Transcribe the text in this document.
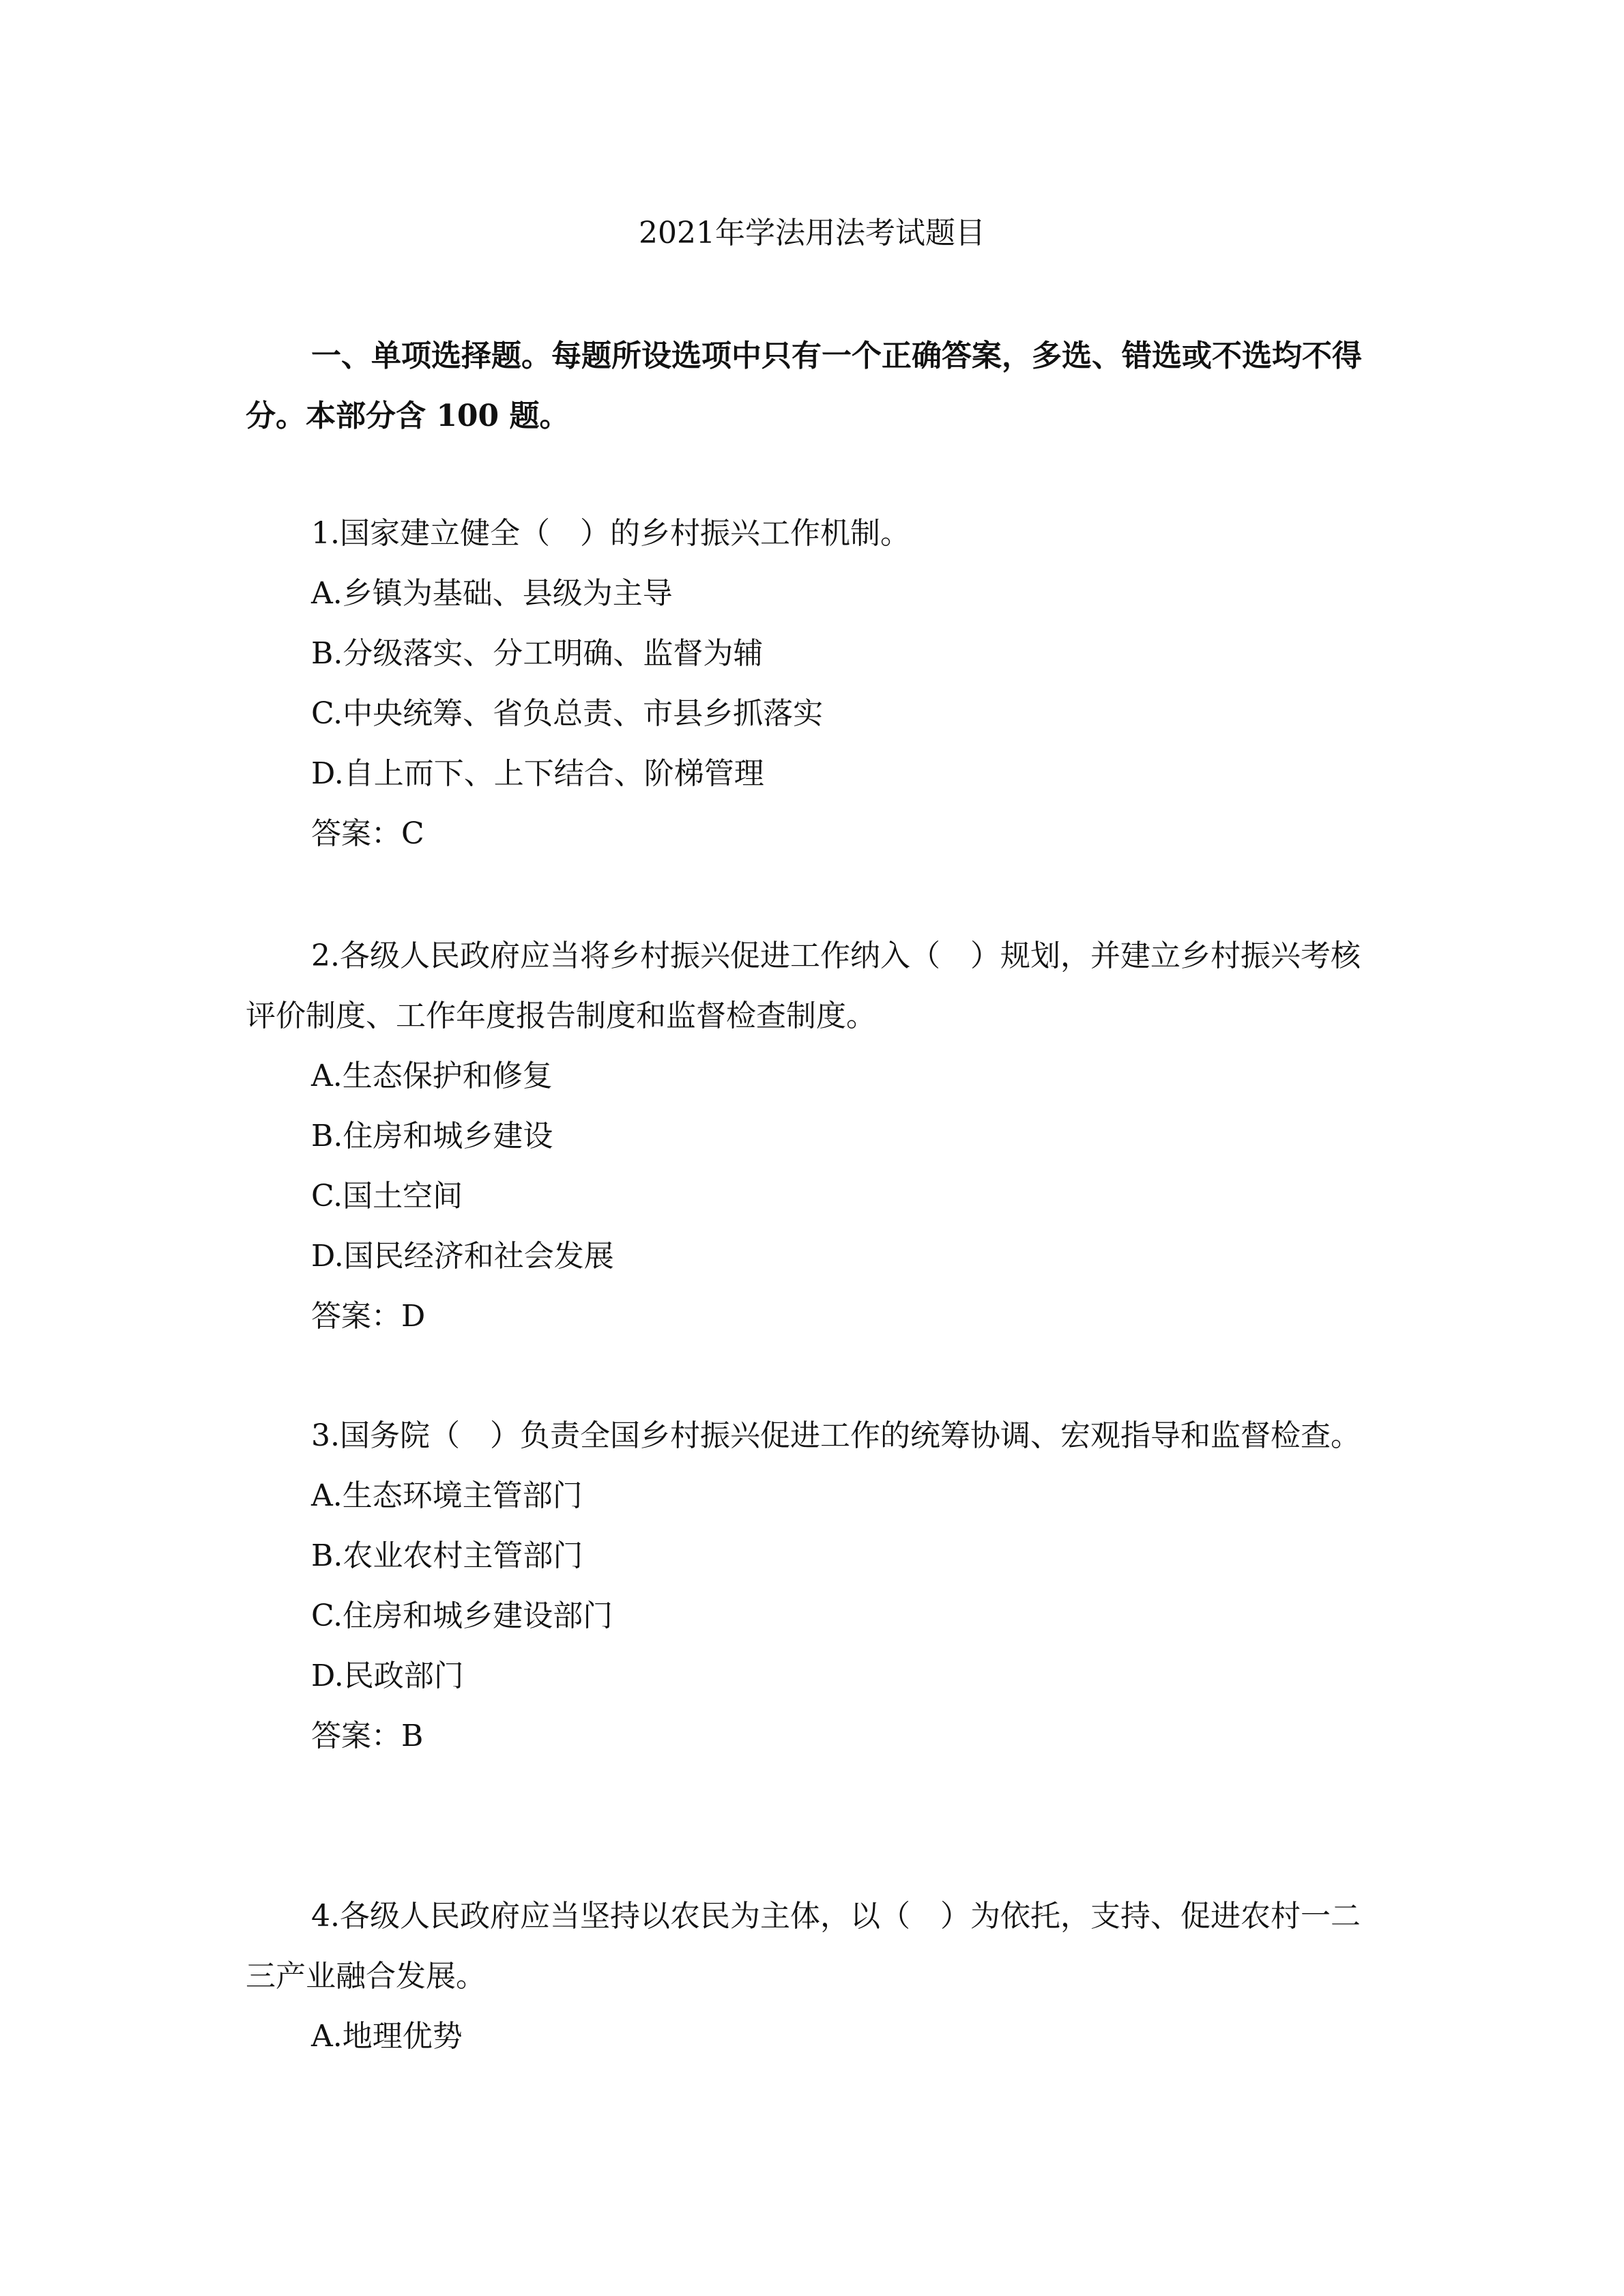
2021年学法用法考试题目

一、单项选择题。每题所设选项中只有一个正确答案，多选、错选或不选均不得分。本部分含 100 题。

1.国家建立健全（　）的乡村振兴工作机制。

A.乡镇为基础、县级为主导

B.分级落实、分工明确、监督为辅

C.中央统筹、省负总责、市县乡抓落实

D.自上而下、上下结合、阶梯管理

答案：C

2.各级人民政府应当将乡村振兴促进工作纳入（　）规划，并建立乡村振兴考核评价制度、工作年度报告制度和监督检查制度。

A.生态保护和修复

B.住房和城乡建设

C.国土空间

D.国民经济和社会发展

答案：D

3.国务院（　）负责全国乡村振兴促进工作的统筹协调、宏观指导和监督检查。

A.生态环境主管部门

B.农业农村主管部门

C.住房和城乡建设部门

D.民政部门

答案：B

4.各级人民政府应当坚持以农民为主体，以（　）为依托，支持、促进农村一二三产业融合发展。

A.地理优势
